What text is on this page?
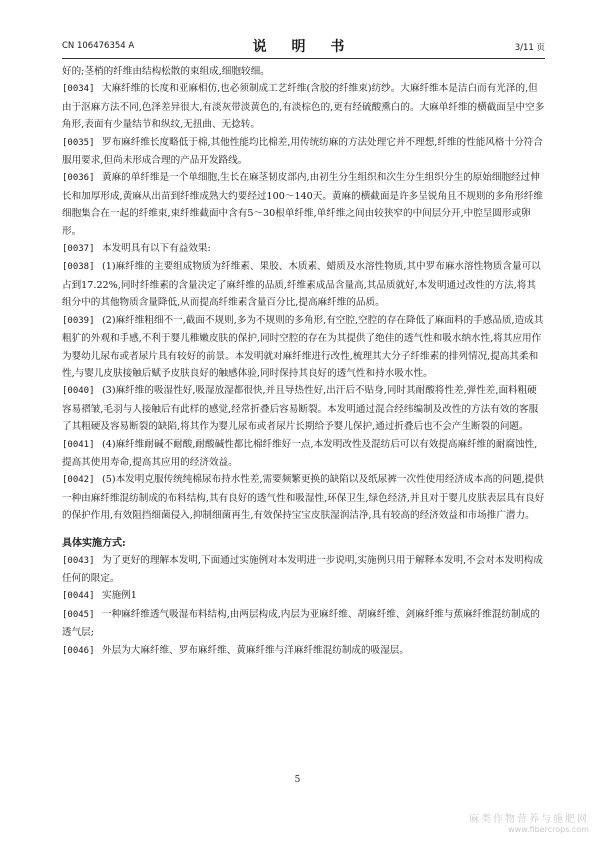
CN 106476354 A	说 明 书	3/11 页

好的;茎梢的纤维由结构松散的束组成,细胞较细。

[0034] 大麻纤维的长度和亚麻相仿,也必须制成工艺纤维(含胶的纤维束)纺纱。大麻纤维本是洁白而有光泽的,但由于沤麻方法不同,色泽差异很大,有淡灰带淡黄色的,有淡棕色的,更有经硫酸熏白的。大麻单纤维的横截面呈中空多角形,表面有少量结节和纵纹,无扭曲、无捻转。

[0035] 罗布麻纤维长度略低于棉,其他性能均比棉差,用传统纺麻的方法处理它并不理想,纤维的性能风格十分符合服用要求,但尚未形成合理的产品开发路线。

[0036] 黄麻的单纤维是一个单细胞,生长在麻茎韧皮部内,由初生分生组织和次生分生组织分生的原始细胞经过伸长和加厚形成,黄麻从出苗到纤维成熟大约要经过100～140天。黄麻的横截面是许多呈锐角且不规则的多角形纤维细胞集合在一起的纤维束,束纤维截面中含有5～30根单纤维,单纤维之间由较狭窄的中间层分开,中腔呈圆形或卵形。

[0037] 本发明具有以下有益效果:

[0038] (1)麻纤维的主要组成物质为纤维素、果胶、木质素、蜡质及水溶性物质,其中罗布麻水溶性物质含量可以占到17.22%,同时纤维素的含量决定了麻纤维的品质,纤维素成品含量高,其品质就好,本发明通过改性的方法,将其组分中的其他物质含量降低,从而提高纤维素含量百分比,提高麻纤维的品质。

[0039] (2)麻纤维粗细不一,截面不规则,多为不规则的多角形,有空腔,空腔的存在降低了麻面料的手感品质,造成其粗犷的外观和手感,不利于婴儿稚嫩皮肤的保护,同时空腔的存在为其提供了绝佳的透气性和吸水纳水性,将其应用作为婴幼儿尿布或者尿片具有较好的前景。本发明就对麻纤维进行改性,梳理其大分子纤维素的排列情况,提高其柔和性,与婴儿皮肤接触后赋予皮肤良好的触感体验,同时保持其良好的透气性和持水吸水性。

[0040] (3)麻纤维的吸湿性好,吸湿放湿都很快,并且导热性好,出汗后不贴身,同时其耐酸将性差,弹性差,面料粗硬容易褶皱,毛羽与人接触后有此样的感觉,经常折叠后容易断裂。本发明通过混合经纬编制及改性的方法有效的客服了其粗硬及容易断裂的缺陷,将其作为婴儿尿布或者尿片长期给予婴儿保护,通过折叠后也不会产生断裂的问题。

[0041] (4)麻纤维耐碱不耐酸,耐酸碱性都比棉纤维好一点,本发明改性及混纺后可以有效提高麻纤维的耐腐蚀性,提高其使用寿命,提高其应用的经济效益。

[0042] (5)本发明克服传统纯棉尿布持水性差,需要频繁更换的缺陷以及纸尿裤一次性使用经济成本高的问题,提供一种由麻纤维混纺制成的布料结构,其有良好的透气性和吸湿性,环保卫生,绿色经济,并且对于婴儿皮肤表层具有良好的保护作用,有效阻挡细菌侵入,抑制细菌再生,有效保持宝宝皮肤湿润洁净,具有较高的经济效益和市场推广潜力。

具体实施方式:

[0043] 为了更好的理解本发明,下面通过实施例对本发明进一步说明,实施例只用于解释本发明,不会对本发明构成任何的限定。

[0044] 实施例1

[0045] 一种麻纤维透气吸湿布料结构,由两层构成,内层为亚麻纤维、胡麻纤维、剑麻纤维与蕉麻纤维混纺制成的透气层;

[0046] 外层为大麻纤维、罗布麻纤维、黄麻纤维与洋麻纤维混纺制成的吸湿层。

5
麻类作物营养与施肥网
www.fibercrops.com
